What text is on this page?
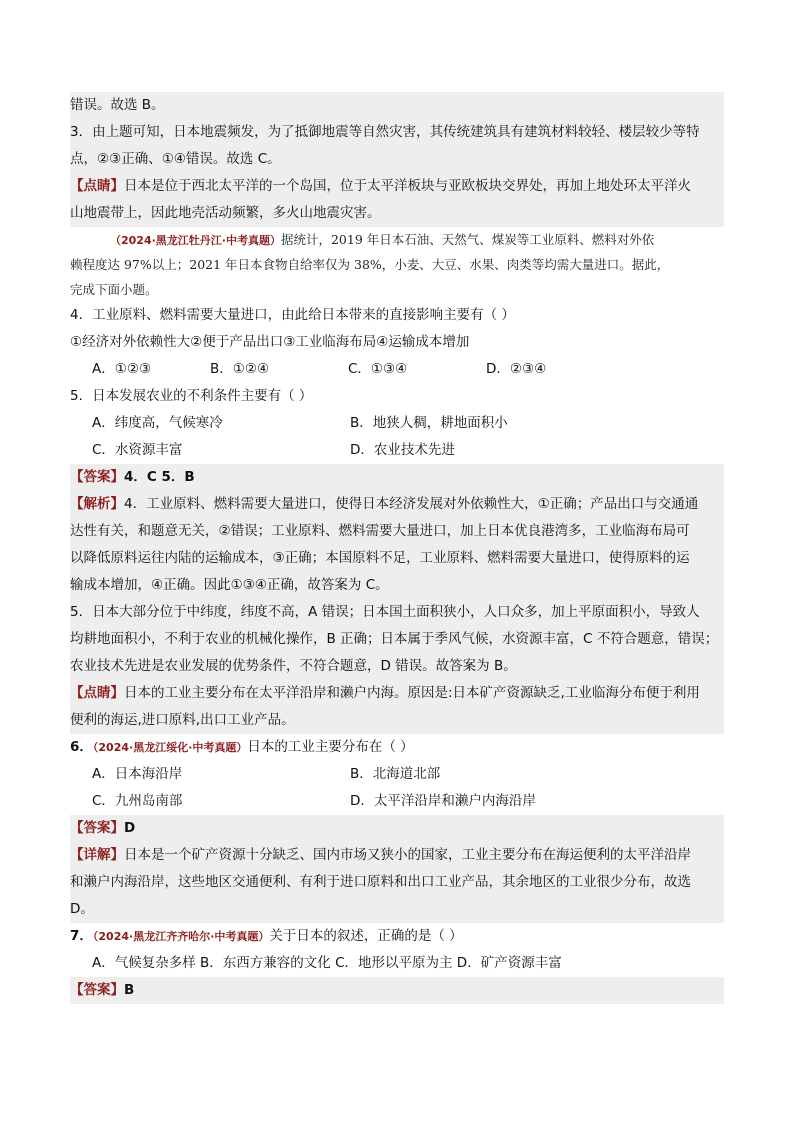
错误。故选 B。
3．由上题可知，日本地震频发，为了抵御地震等自然灾害，其传统建筑具有建筑材料较轻、楼层较少等特
点，②③正确、①④错误。故选 C。
【点睛】日本是位于西北太平洋的一个岛国，位于太平洋板块与亚欧板块交界处，再加上地处环太平洋火
山地震带上，因此地壳活动频繁，多火山地震灾害。
（2024·黑龙江牡丹江·中考真题）据统计，2019 年日本石油、天然气、煤炭等工业原料、燃料对外依
赖程度达 97%以上；2021 年日本食物自给率仅为 38%，小麦、大豆、水果、肉类等均需大量进口。据此，
完成下面小题。
4．工业原料、燃料需要大量进口，由此给日本带来的直接影响主要有（ ）
①经济对外依赖性大②便于产品出口③工业临海布局④运输成本增加
A．①②③	B．①②④	C．①③④	D．②③④
5．日本发展农业的不利条件主要有（ ）
A．纬度高，气候寒冷	B．地狭人稠，耕地面积小
C．水资源丰富	D．农业技术先进
【答案】4．C 5．B
【解析】4．工业原料、燃料需要大量进口，使得日本经济发展对外依赖性大，①正确；产品出口与交通通
达性有关，和题意无关，②错误；工业原料、燃料需要大量进口，加上日本优良港湾多，工业临海布局可
以降低原料运往内陆的运输成本，③正确；本国原料不足，工业原料、燃料需要大量进口，使得原料的运
输成本增加，④正确。因此①③④正确，故答案为 C。
5．日本大部分位于中纬度，纬度不高，A 错误；日本国土面积狭小，人口众多，加上平原面积小，导致人
均耕地面积小，不利于农业的机械化操作，B 正确；日本属于季风气候，水资源丰富，C 不符合题意，错误；
农业技术先进是农业发展的优势条件，不符合题意，D 错误。故答案为 B。
【点睛】日本的工业主要分布在太平洋沿岸和濑户内海。原因是:日本矿产资源缺乏,工业临海分布便于利用
便利的海运,进口原料,出口工业产品。
6．（2024·黑龙江绥化·中考真题）日本的工业主要分布在（ ）
A．日本海沿岸	B．北海道北部
C．九州岛南部	D．太平洋沿岸和濑户内海沿岸
【答案】D
【详解】日本是一个矿产资源十分缺乏、国内市场又狭小的国家，工业主要分布在海运便利的太平洋沿岸
和濑户内海沿岸，这些地区交通便利、有利于进口原料和出口工业产品，其余地区的工业很少分布，故选
D。
7．（2024·黑龙江齐齐哈尔·中考真题）关于日本的叙述，正确的是（ ）
A．气候复杂多样 B．东西方兼容的文化 C．地形以平原为主 D．矿产资源丰富
【答案】B
